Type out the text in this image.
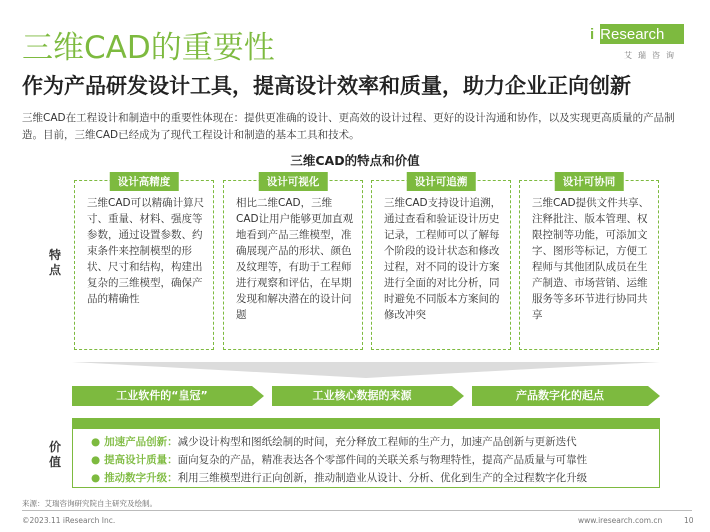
三维CAD的重要性
作为产品研发设计工具，提高设计效率和质量，助力企业正向创新
i Research
艾瑞咨询
三维CAD在工程设计和制造中的重要性体现在：提供更准确的设计、更高效的设计过程、更好的设计沟通和协作，以及实现更高质量的产品制造。目前，三维CAD已经成为了现代工程设计和制造的基本工具和技术。
三维CAD的特点和价值
特点
价值
设计高精度
三维CAD可以精确计算尺寸、重量、材料、强度等参数，通过设置参数、约束条件来控制模型的形状、尺寸和结构，构建出复杂的三维模型，确保产品的精确性
设计可视化
相比二维CAD，三维CAD让用户能够更加直观地看到产品三维模型，准确展现产品的形状、颜色及纹理等，有助于工程师进行观察和评估，在早期发现和解决潜在的设计问题
设计可追溯
三维CAD支持设计追溯，通过查看和验证设计历史记录，工程师可以了解每个阶段的设计状态和修改过程，对不同的设计方案进行全面的对比分析，同时避免不同版本方案间的修改冲突
设计可协同
三维CAD提供文件共享、注释批注、版本管理、权限控制等功能，可添加文字、图形等标记，方便工程师与其他团队成员在生产制造、市场营销、运维服务等多环节进行协同共享
工业软件的“皇冠”	工业核心数据的来源	产品数字化的起点
● 加速产品创新：减少设计构型和图纸绘制的时间，充分释放工程师的生产力，加速产品创新与更新迭代
● 提高设计质量：面向复杂的产品，精准表达各个零部件间的关联关系与物理特性，提高产品质量与可靠性
● 推动数字升级：利用三维模型进行正向创新，推动制造业从设计、分析、优化到生产的全过程数字化升级
来源：艾瑞咨询研究院自主研究及绘制。
©2023.11 iResearch Inc.	www.iresearch.com.cn	10
